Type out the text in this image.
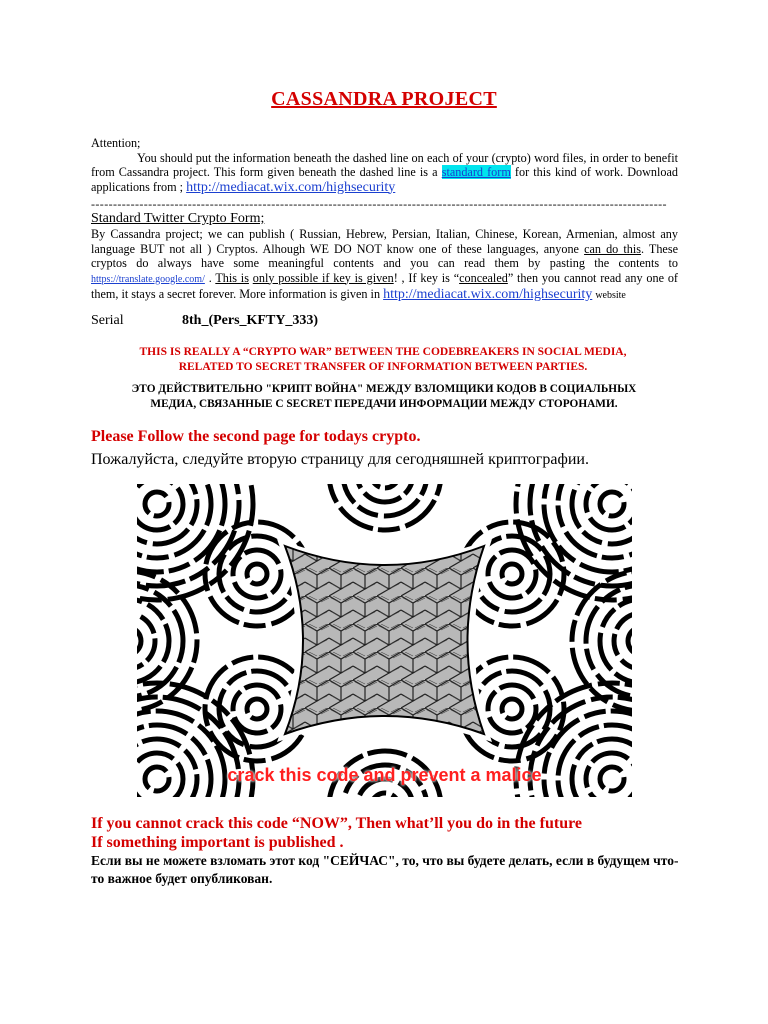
CASSANDRA PROJECT
Attention;
You should put the information beneath the dashed line on each of your (crypto) word files, in order to benefit from Cassandra project. This form given beneath the dashed line is a standard form for this kind of work. Download applications from ; http://mediacat.wix.com/highsecurity
-----------------------------------------------------------------------------------------------------------------------------------
Standard Twitter Crypto Form;
By Cassandra project; we can publish ( Russian, Hebrew, Persian, Italian, Chinese, Korean, Armenian, almost any language BUT not all ) Cryptos. Alhough WE DO NOT know one of these languages, anyone can do this. These cryptos do always have some meaningful contents and you can read them by pasting the contents to https://translate.google.com/ . This is only possible if key is given! , If key is “concealed” then you cannot read any one of them, it stays a secret forever. More information is given in http://mediacat.wix.com/highsecurity website
Serial	8th_(Pers_KFTY_333)
THIS IS REALLY A “CRYPTO WAR” BETWEEN THE CODEBREAKERS IN SOCIAL MEDIA, RELATED TO SECRET TRANSFER OF INFORMATION BETWEEN PARTIES.
ЭТО ДЕЙСТВИТЕЛЬНО "КРИПТ ВОЙНА" МЕЖДУ ВЗЛОМЩИКИ КОДОВ В СОЦИАЛЬНЫХ МЕДИА, СВЯЗАННЫЕ С SECRET ПЕРЕДАЧИ ИНФОРМАЦИИ МЕЖДУ СТОРОНАМИ.
Please Follow the second page for todays crypto.
Пожалуйста, следуйте вторую страницу для сегодняшней криптографии.
crack this code and prevent a malice
If you cannot crack this code “NOW”, Then what’ll you do in the future
If something important is published .
Если вы не можете взломать этот код "СЕЙЧАС", то, что вы будете делать, если в будущем что-то важное будет опубликован.
